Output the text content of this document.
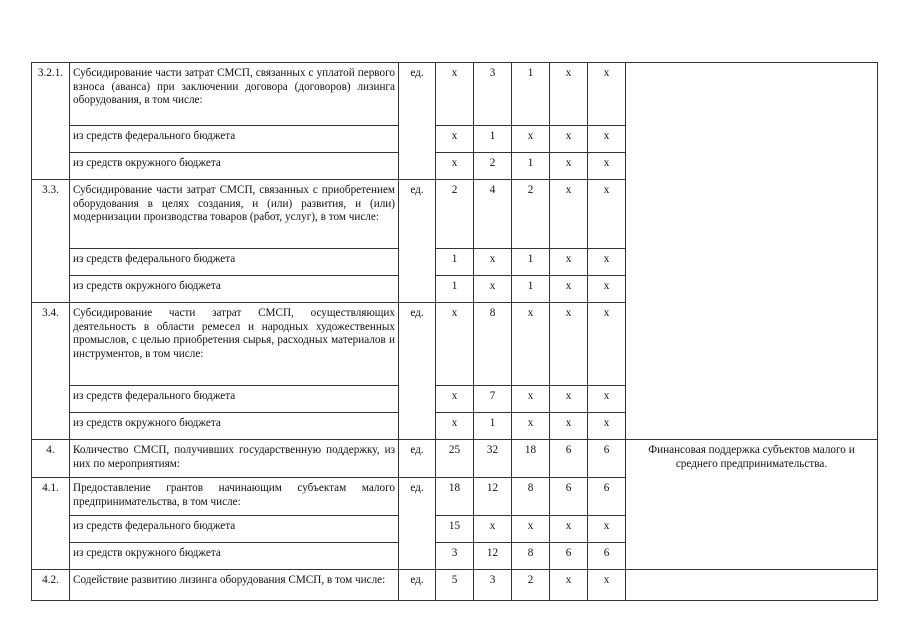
3.2.1.	Субсидирование части затрат СМСП, связанных с уплатой первого взноса (аванса) при заключении договора (договоров) лизинга оборудования, в том числе:	ед.	x	3	1	x	x	
	из средств федерального бюджета		x	1	x	x	x	
	из средств окружного бюджета		x	2	1	x	x	
3.3.	Субсидирование части затрат СМСП, связанных с приобретением оборудования в целях создания, и (или) развития, и (или) модернизации производства товаров (работ, услуг), в том числе:	ед.	2	4	2	x	x	
	из средств федерального бюджета		1	x	1	x	x	
	из средств окружного бюджета		1	x	1	x	x	
3.4.	Субсидирование части затрат СМСП, осуществляющих деятельность в области ремесел и народных художественных промыслов, с целью приобретения сырья, расходных материалов и инструментов, в том числе:	ед.	x	8	x	x	x	
	из средств федерального бюджета		x	7	x	x	x	
	из средств окружного бюджета		x	1	x	x	x	
4.	Количество СМСП, получивших государственную поддержку, из них по мероприятиям:	ед.	25	32	18	6	6	Финансовая поддержка субъектов малого и среднего предпринимательства.
4.1.	Предоставление грантов начинающим субъектам малого предпринимательства, в том числе:	ед.	18	12	8	6	6	
	из средств федерального бюджета		15	x	x	x	x	
	из средств окружного бюджета		3	12	8	6	6	
4.2.	Содействие развитию лизинга оборудования СМСП, в том числе:	ед.	5	3	2	x	x	
